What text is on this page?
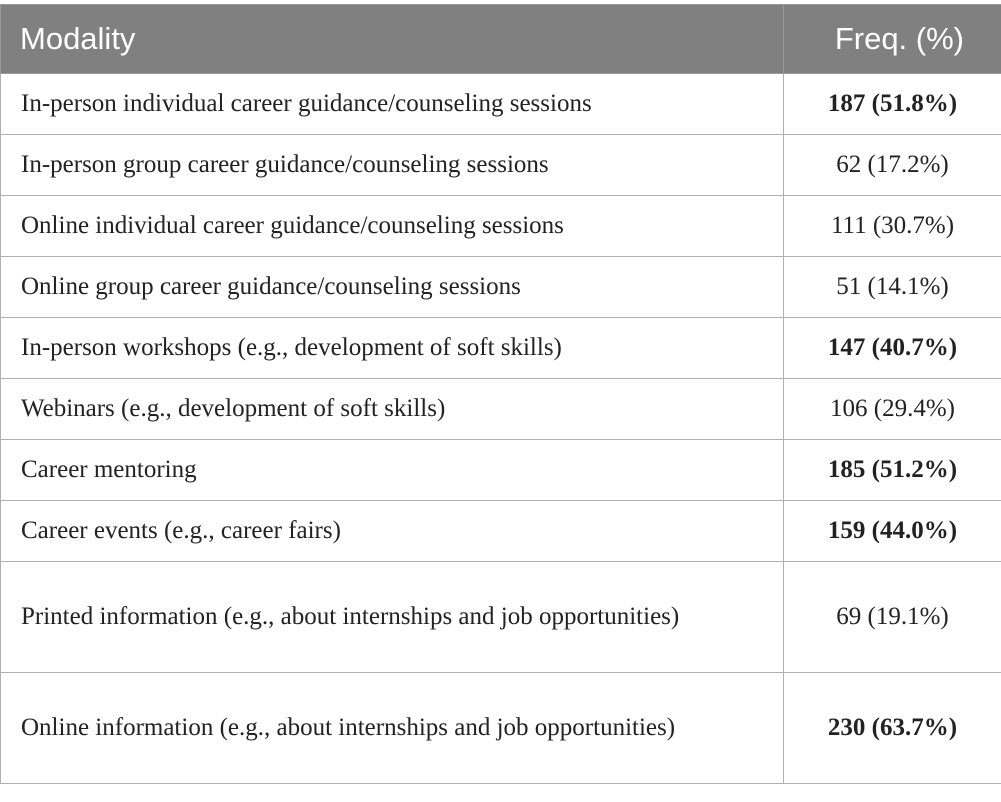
Modality	Freq. (%)
In-person individual career guidance/counseling sessions	187 (51.8%)
In-person group career guidance/counseling sessions	62 (17.2%)
Online individual career guidance/counseling sessions	111 (30.7%)
Online group career guidance/counseling sessions	51 (14.1%)
In-person workshops (e.g., development of soft skills)	147 (40.7%)
Webinars (e.g., development of soft skills)	106 (29.4%)
Career mentoring	185 (51.2%)
Career events (e.g., career fairs)	159 (44.0%)
Printed information (e.g., about internships and job opportunities)	69 (19.1%)
Online information (e.g., about internships and job opportunities)	230 (63.7%)
